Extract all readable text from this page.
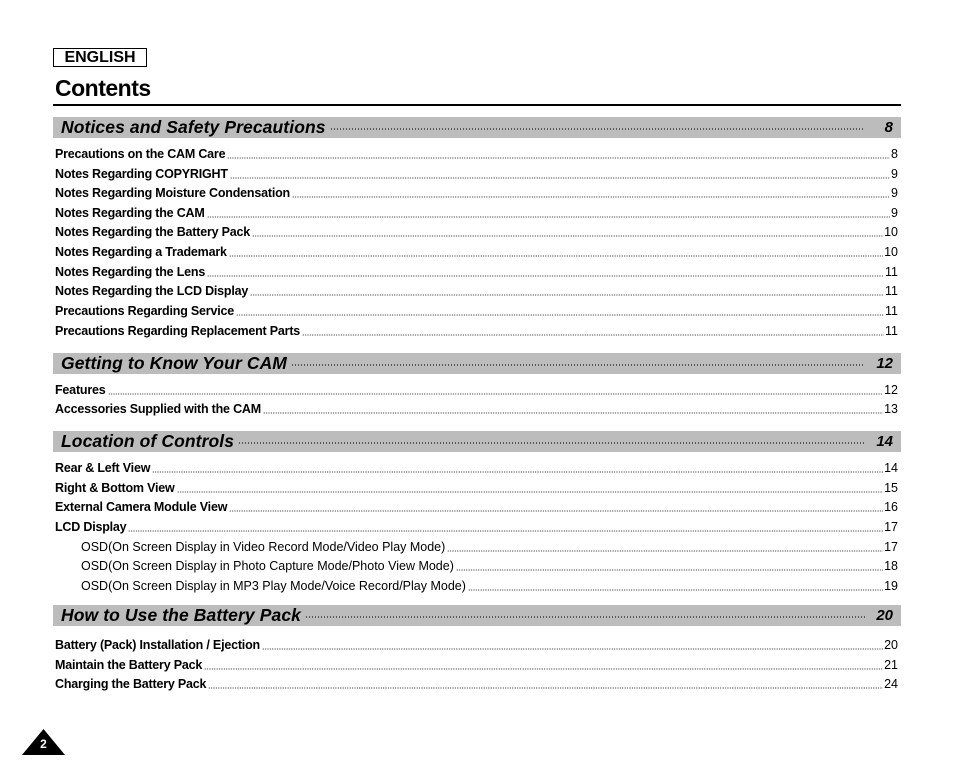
ENGLISH
Contents
Notices and Safety Precautions	8
Precautions on the CAM Care	8
Notes Regarding COPYRIGHT	9
Notes Regarding Moisture Condensation	9
Notes Regarding the CAM	9
Notes Regarding the Battery Pack	10
Notes Regarding a Trademark	10
Notes Regarding the Lens	11
Notes Regarding the LCD Display	11
Precautions Regarding Service	11
Precautions Regarding Replacement Parts	11
Getting to Know Your CAM	12
Features	12
Accessories Supplied with the CAM	13
Location of Controls	14
Rear & Left View	14
Right & Bottom View	15
External Camera Module View	16
LCD Display	17
OSD(On Screen Display in Video Record Mode/Video Play Mode)	17
OSD(On Screen Display in Photo Capture Mode/Photo View Mode)	18
OSD(On Screen Display in MP3 Play Mode/Voice Record/Play Mode)	19
How to Use the Battery Pack	20
Battery (Pack) Installation / Ejection	20
Maintain the Battery Pack	21
Charging the Battery Pack	24
2
